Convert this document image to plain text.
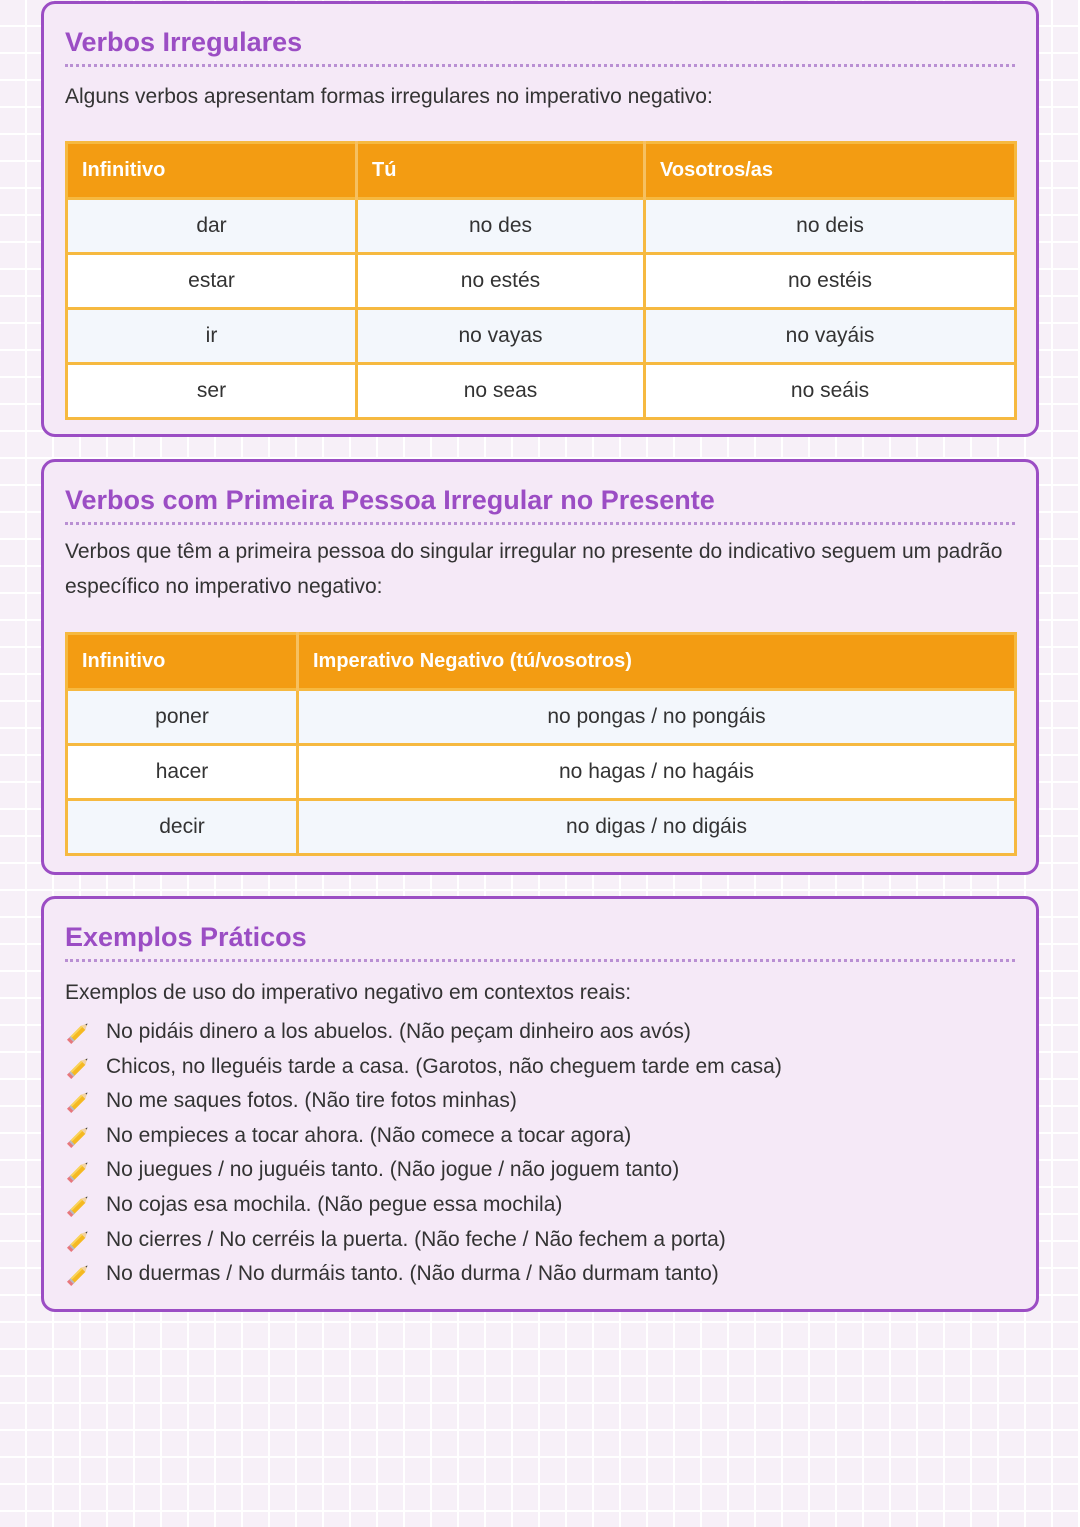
Verbos Irregulares

Alguns verbos apresentam formas irregulares no imperativo negativo:

Infinitivo	Tú	Vosotros/as
dar	no des	no deis
estar	no estés	no estéis
ir	no vayas	no vayáis
ser	no seas	no seáis
Verbos com Primeira Pessoa Irregular no Presente

Verbos que têm a primeira pessoa do singular irregular no presente do indicativo seguem um padrão específico no imperativo negativo:

Infinitivo	Imperativo Negativo (tú/vosotros)
poner	no pongas / no pongáis
hacer	no hagas / no hagáis
decir	no digas / no digáis
Exemplos Práticos

Exemplos de uso do imperativo negativo em contextos reais:

No pidáis dinero a los abuelos. (Não peçam dinheiro aos avós)
Chicos, no lleguéis tarde a casa. (Garotos, não cheguem tarde em casa)
No me saques fotos. (Não tire fotos minhas)
No empieces a tocar ahora. (Não comece a tocar agora)
No juegues / no juguéis tanto. (Não jogue / não joguem tanto)
No cojas esa mochila. (Não pegue essa mochila)
No cierres / No cerréis la puerta. (Não feche / Não fechem a porta)
No duermas / No durmáis tanto. (Não durma / Não durmam tanto)
